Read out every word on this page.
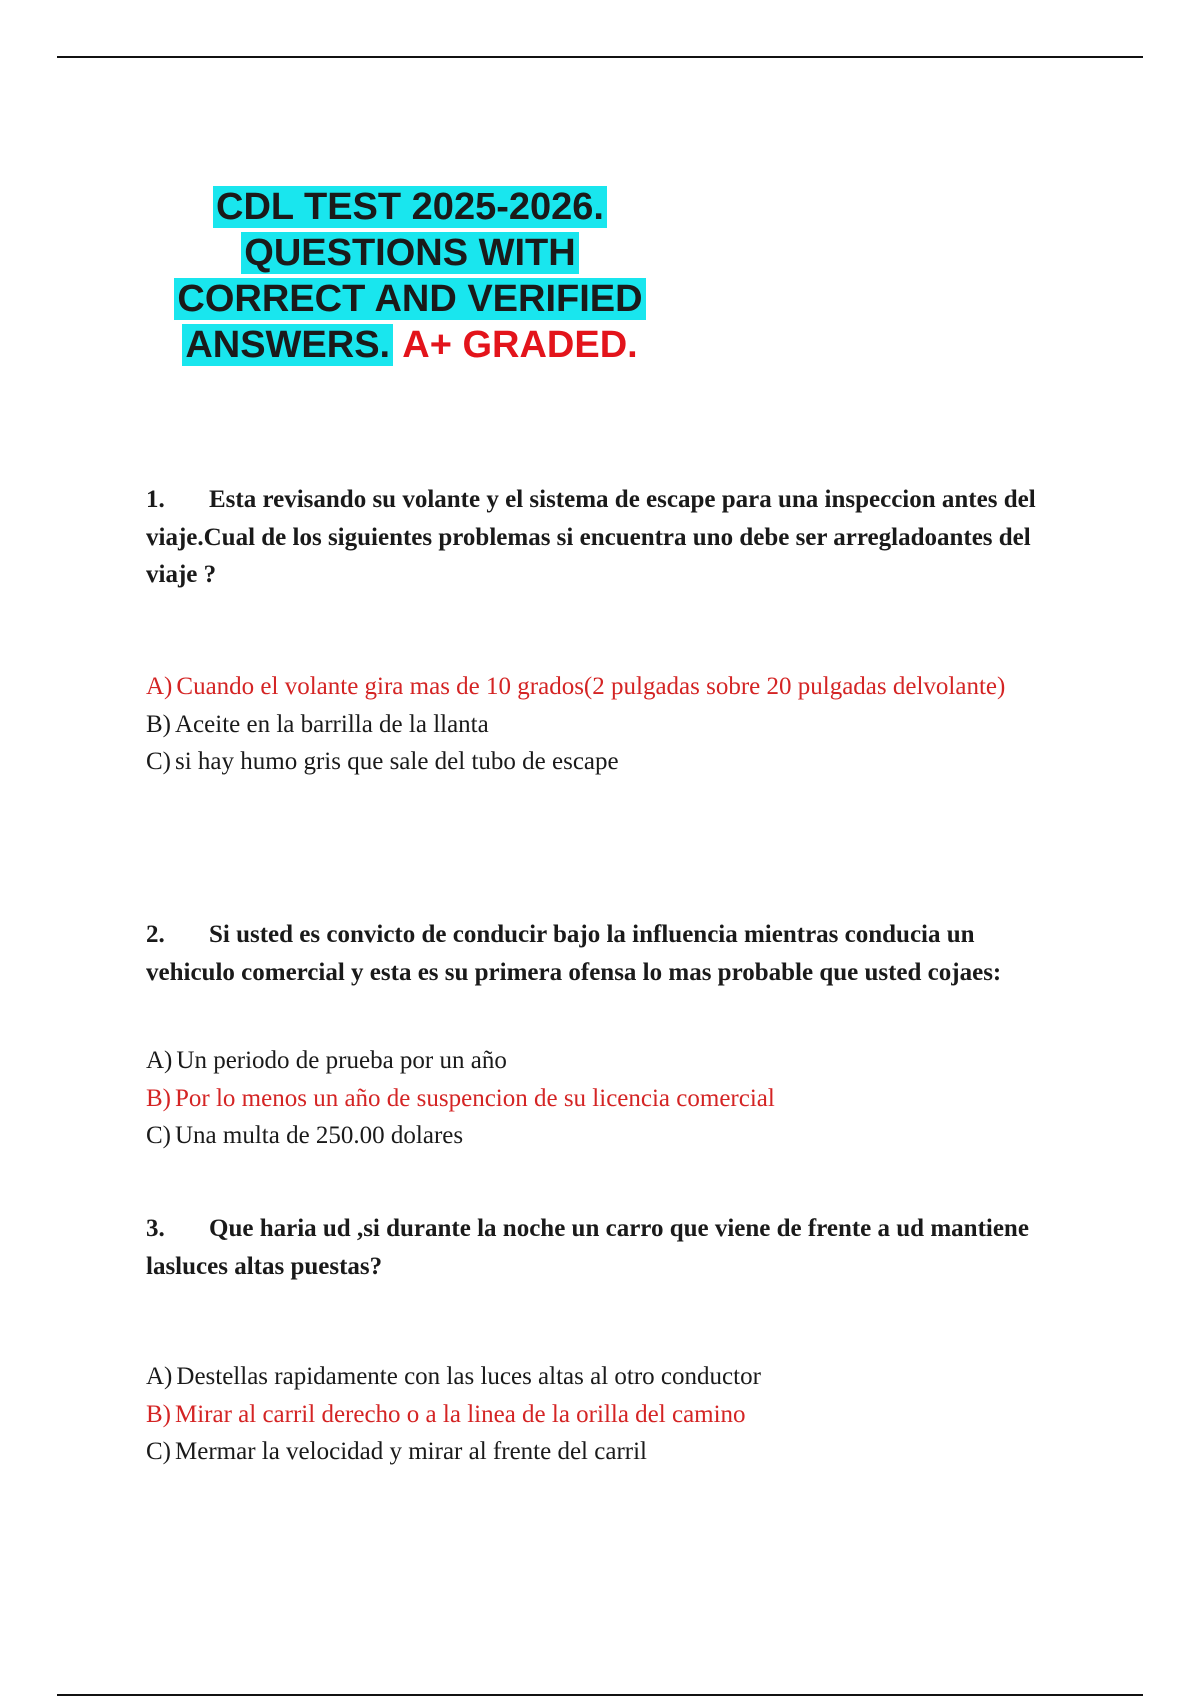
CDL TEST 2025-2026.
QUESTIONS WITH
CORRECT AND VERIFIED
ANSWERS. A+ GRADED.
1. Esta revisando su volante y el sistema de escape para una inspeccion antes del viaje.Cual de los siguientes problemas si encuentra uno debe ser arregladoantes del viaje ?
A) Cuando el volante gira mas de 10 grados(2 pulgadas sobre 20 pulgadas delvolante)
B) Aceite en la barrilla de la llanta
C) si hay humo gris que sale del tubo de escape
2. Si usted es convicto de conducir bajo la influencia mientras conducia un vehiculo comercial y esta es su primera ofensa lo mas probable que usted cojaes:
A) Un periodo de prueba por un año
B) Por lo menos un año de suspencion de su licencia comercial
C) Una multa de 250.00 dolares
3. Que haria ud ,si durante la noche un carro que viene de frente a ud mantiene lasluces altas puestas?
A) Destellas rapidamente con las luces altas al otro conductor
B) Mirar al carril derecho o a la linea de la orilla del camino
C) Mermar la velocidad y mirar al frente del carril
